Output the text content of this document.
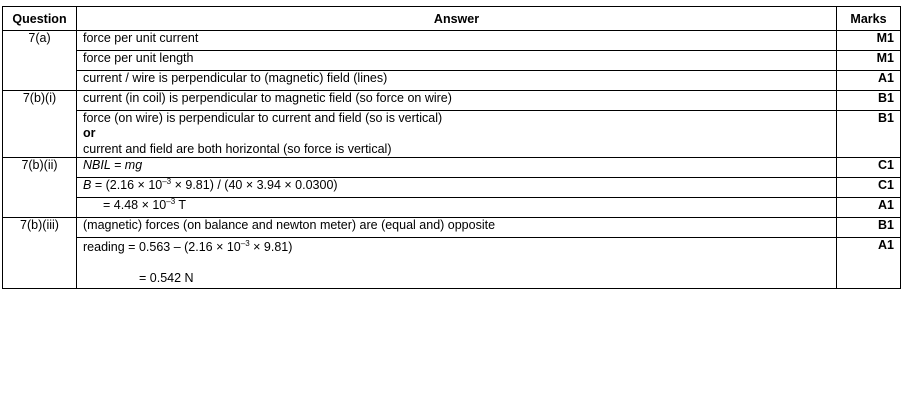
Question	Answer	Marks
7(a)	force per unit current	M1
	force per unit length	M1
	current / wire is perpendicular to (magnetic) field (lines)	A1
7(b)(i)	current (in coil) is perpendicular to magnetic field (so force on wire)	B1

	force (on wire) is perpendicular to current and field (so is vertical)
or
current and field are both horizontal (so force is vertical)	B1
7(b)(ii)	NBIL = mg	C1
	$B = (2.16 \times 10^{-3} \times 9.81) / (40 \times 3.94 \times 0.0300)$	C1
	= $4.48 \times 10^{-3}$ T	A1
7(b)(iii)	(magnetic) forces (on balance and newton meter) are (equal and) opposite	B1

	reading = $0.563 - (2.16 \times 10^{-3} \times 9.81)$
= 0.542 N	A1
